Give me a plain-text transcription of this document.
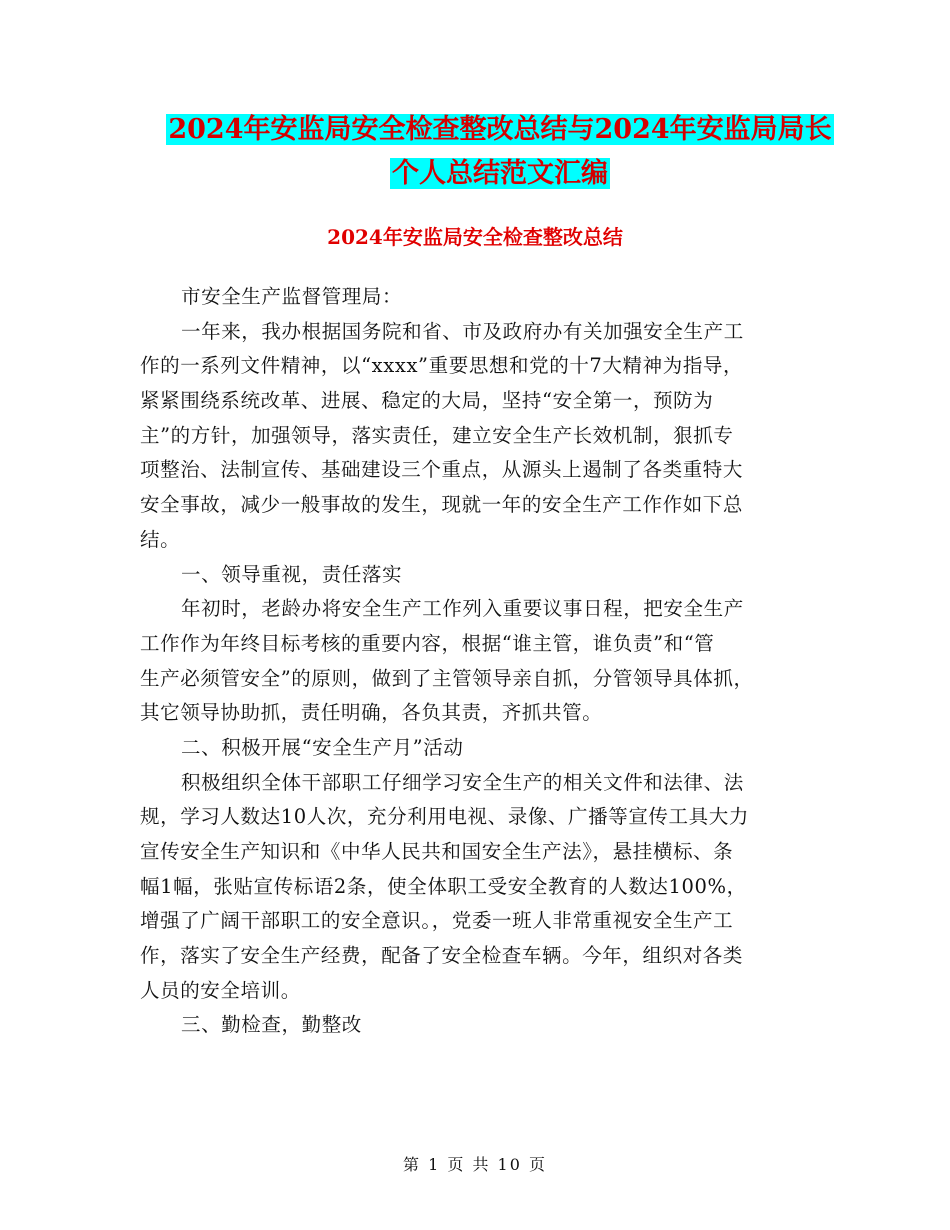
2024年安监局安全检查整改总结与2024年安监局局长
个人总结范文汇编
2024年安监局安全检查整改总结
市安全生产监督管理局：
一年来，我办根据国务院和省、市及政府办有关加强安全生产工
作的一系列文件精神，以“xxxx”重要思想和党的十7大精神为指导，
紧紧围绕系统改革、进展、稳定的大局，坚持“安全第一，预防为
主”的方针，加强领导，落实责任，建立安全生产长效机制，狠抓专
项整治、法制宣传、基础建设三个重点，从源头上遏制了各类重特大
安全事故，减少一般事故的发生，现就一年的安全生产工作作如下总
结。
一、领导重视，责任落实
年初时，老龄办将安全生产工作列入重要议事日程，把安全生产
工作作为年终目标考核的重要内容，根据“谁主管，谁负责”和“管
生产必须管安全”的原则，做到了主管领导亲自抓，分管领导具体抓，
其它领导协助抓，责任明确，各负其责，齐抓共管。
二、积极开展“安全生产月”活动
积极组织全体干部职工仔细学习安全生产的相关文件和法律、法
规，学习人数达10人次，充分利用电视、录像、广播等宣传工具大力
宣传安全生产知识和《中华人民共和国安全生产法》，悬挂横标、条
幅1幅，张贴宣传标语2条，使全体职工受安全教育的人数达100%，
增强了广阔干部职工的安全意识。，党委一班人非常重视安全生产工
作，落实了安全生产经费，配备了安全检查车辆。今年，组织对各类
人员的安全培训。
三、勤检查，勤整改
第 1 页 共 10 页
